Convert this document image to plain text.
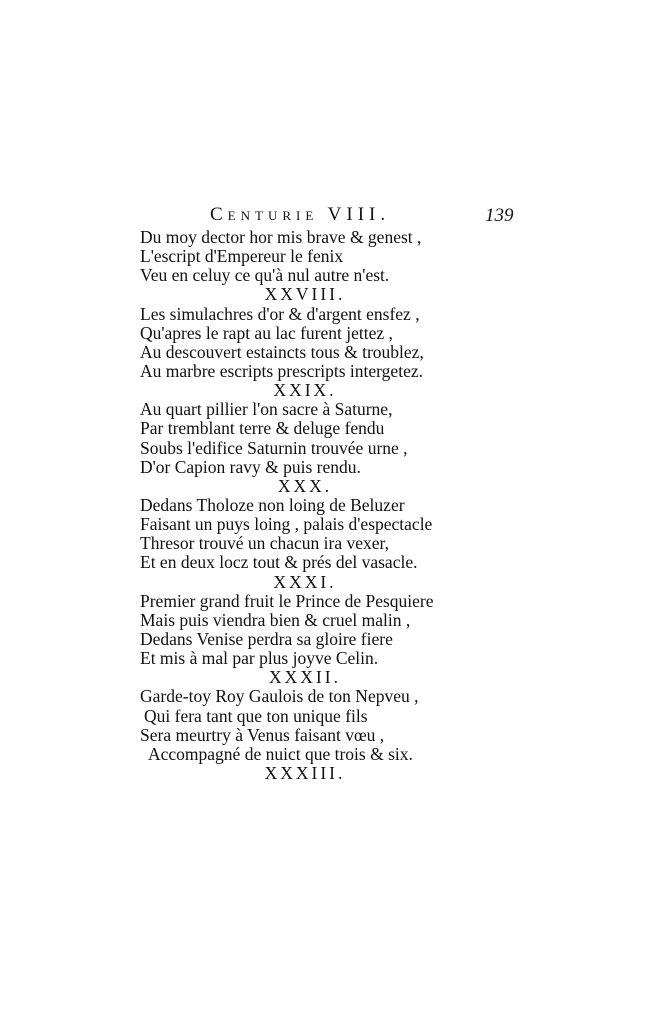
Centurie VIII.	139
Du moy dector hor mis brave & genest ,
L'escript d'Empereur le fenix
Veu en celuy ce qu'à nul autre n'est.
XXVIII.
Les simulachres d'or & d'argent ensfez ,
Qu'apres le rapt au lac furent jettez ,
Au descouvert estaincts tous & troublez,
Au marbre escripts prescripts intergetez.
XXIX.
Au quart pillier l'on sacre à Saturne,
Par tremblant terre & deluge fendu
Soubs l'edifice Saturnin trouvée urne ,
D'or Capion ravy & puis rendu.
XXX.
Dedans Tholoze non loing de Beluzer
Faisant un puys loing , palais d'espectacle
Thresor trouvé un chacun ira vexer,
Et en deux locz tout & prés del vasacle.
XXXI.
Premier grand fruit le Prince de Pesquiere
Mais puis viendra bien & cruel malin ,
Dedans Venise perdra sa gloire fiere
Et mis à mal par plus joyve Celin.
XXXII.
Garde-toy Roy Gaulois de ton Nepveu ,
Qui fera tant que ton unique fils
Sera meurtry à Venus faisant vœu ,
Accompagné de nuict que trois & six.
XXXIII.
